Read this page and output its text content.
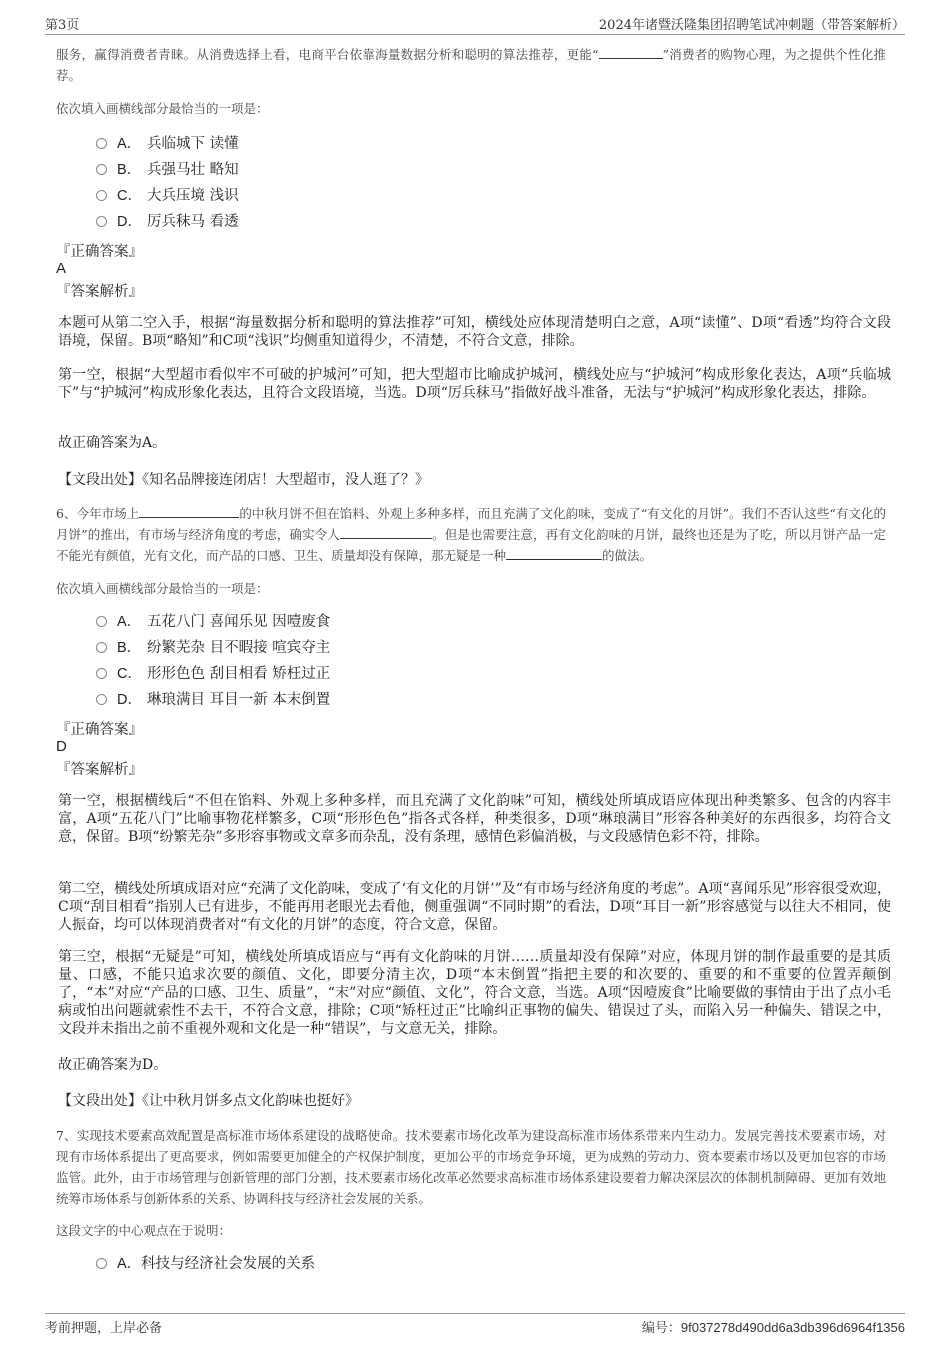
第3页	2024年诸暨沃隆集团招聘笔试冲刺题（带答案解析）

服务，赢得消费者青睐。从消费选择上看，电商平台依靠海量数据分析和聪明的算法推荐，更能“	”消费者的购物心理，为之提供个性化推荐。

依次填入画横线部分最恰当的一项是：

A． 兵临城下 读懂
B． 兵强马壮 略知
C． 大兵压境 浅识
D． 厉兵秣马 看透
『正确答案』
A
『答案解析』

本题可从第二空入手，根据“海量数据分析和聪明的算法推荐”可知，横线处应体现清楚明白之意，A项“读懂”、D项“看透”均符合文段语境，保留。B项“略知”和C项“浅识”均侧重知道得少，不清楚，不符合文意，排除。

第一空，根据“大型超市看似牢不可破的护城河”可知，把大型超市比喻成护城河，横线处应与“护城河”构成形象化表达，A项“兵临城下”与“护城河”构成形象化表达，且符合文段语境，当选。D项“厉兵秣马”指做好战斗准备，无法与“护城河”构成形象化表达，排除。

故正确答案为A。

【文段出处】《知名品牌接连闭店！大型超市，没人逛了？》

6、今年市场上	的中秋月饼不但在馅料、外观上多种多样，而且充满了文化韵味，变成了“有文化的月饼”。我们不否认这些“有文化的月饼”的推出，有市场与经济角度的考虑，确实令人	。但是也需要注意，再有文化韵味的月饼，最终也还是为了吃，所以月饼产品一定不能光有颜值，光有文化，而产品的口感、卫生、质量却没有保障，那无疑是一种	的做法。

依次填入画横线部分最恰当的一项是：

A． 五花八门 喜闻乐见 因噎废食
B． 纷繁芜杂 目不暇接 喧宾夺主
C． 形形色色 刮目相看 矫枉过正
D． 琳琅满目 耳目一新 本末倒置
『正确答案』
D
『答案解析』

第一空，根据横线后“不但在馅料、外观上多种多样，而且充满了文化韵味”可知，横线处所填成语应体现出种类繁多、包含的内容丰富，A项“五花八门”比喻事物花样繁多，C项“形形色色”指各式各样，种类很多，D项“琳琅满目”形容各种美好的东西很多，均符合文意，保留。B项“纷繁芜杂”多形容事物或文章多而杂乱，没有条理，感情色彩偏消极，与文段感情色彩不符，排除。

第二空，横线处所填成语对应“充满了文化韵味，变成了‘有文化的月饼’”及“有市场与经济角度的考虑”。A项“喜闻乐见”形容很受欢迎，C项“刮目相看”指别人已有进步，不能再用老眼光去看他，侧重强调“不同时期”的看法，D项“耳目一新”形容感觉与以往大不相同，使人振奋，均可以体现消费者对“有文化的月饼”的态度，符合文意，保留。

第三空，根据“无疑是”可知，横线处所填成语应与“再有文化韵味的月饼……质量却没有保障”对应，体现月饼的制作最重要的是其质量、口感，不能只追求次要的颜值、文化，即要分清主次，D项“本末倒置”指把主要的和次要的、重要的和不重要的位置弄颠倒了，“本”对应“产品的口感、卫生、质量”，“末”对应“颜值、文化”，符合文意，当选。A项“因噎废食”比喻要做的事情由于出了点小毛病或怕出问题就索性不去干，不符合文意，排除；C项“矫枉过正”比喻纠正事物的偏失、错误过了头，而陷入另一种偏失、错误之中，文段并未指出之前不重视外观和文化是一种“错误”，与文意无关，排除。

故正确答案为D。

【文段出处】《让中秋月饼多点文化韵味也挺好》

7、实现技术要素高效配置是高标准市场体系建设的战略使命。技术要素市场化改革为建设高标准市场体系带来内生动力。发展完善技术要素市场，对现有市场体系提出了更高要求，例如需要更加健全的产权保护制度，更加公平的市场竞争环境，更为成熟的劳动力、资本要素市场以及更加包容的市场监管。此外，由于市场管理与创新管理的部门分割，技术要素市场化改革必然要求高标准市场体系建设要着力解决深层次的体制机制障碍、更加有效地统筹市场体系与创新体系的关系、协调科技与经济社会发展的关系。

这段文字的中心观点在于说明：

A．科技与经济社会发展的关系
考前押题，上岸必备	编号：9f037278d490dd6a3db396d6964f1356
